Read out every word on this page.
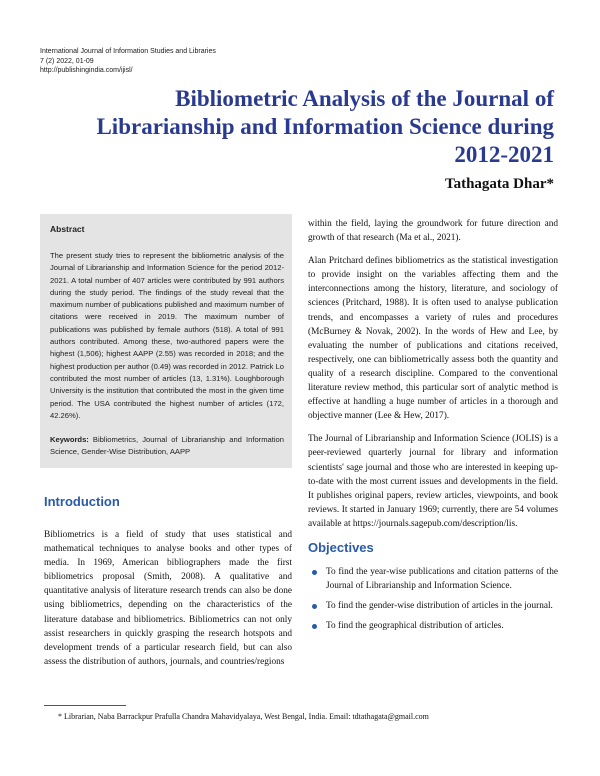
International Journal of Information Studies and Libraries
7 (2) 2022, 01-09
http://publishingindia.com/ijisl/
Bibliometric Analysis of the Journal of Librarianship and Information Science during 2012-2021
Tathagata Dhar*
Abstract

The present study tries to represent the bibliometric analysis of the Journal of Librarianship and Information Science for the period 2012-2021. A total number of 407 articles were contributed by 991 authors during the study period. The findings of the study reveal that the maximum number of publications published and maximum number of citations were received in 2019. The maximum number of publications was published by female authors (518). A total of 991 authors contributed. Among these, two-authored papers were the highest (1,506); highest AAPP (2.55) was recorded in 2018; and the highest production per author (0.49) was recorded in 2012. Patrick Lo contributed the most number of articles (13, 1.31%). Loughborough University is the institution that contributed the most in the given time period. The USA contributed the highest number of articles (172, 42.26%).

Keywords: Bibliometrics, Journal of Librarianship and Information Science, Gender-Wise Distribution, AAPP
Introduction

Bibliometrics is a field of study that uses statistical and mathematical techniques to analyse books and other types of media. In 1969, American bibliographers made the first bibliometrics proposal (Smith, 2008). A qualitative and quantitative analysis of literature research trends can also be done using bibliometrics, depending on the characteristics of the literature database and bibliometrics. Bibliometrics can not only assist researchers in quickly grasping the research hotspots and development trends of a particular research field, but can also assess the distribution of authors, journals, and countries/regions

within the field, laying the groundwork for future direction and growth of that research (Ma et al., 2021).

Alan Pritchard defines bibliometrics as the statistical investigation to provide insight on the variables affecting them and the interconnections among the history, literature, and sociology of sciences (Pritchard, 1988). It is often used to analyse publication trends, and encompasses a variety of rules and procedures (McBurney & Novak, 2002). In the words of Hew and Lee, by evaluating the number of publications and citations received, respectively, one can bibliometrically assess both the quantity and quality of a research discipline. Compared to the conventional literature review method, this particular sort of analytic method is effective at handling a huge number of articles in a thorough and objective manner (Lee & Hew, 2017).

The Journal of Librarianship and Information Science (JOLIS) is a peer-reviewed quarterly journal for library and information scientists' sage journal and those who are interested in keeping up-to-date with the most current issues and developments in the field. It publishes original papers, review articles, viewpoints, and book reviews. It started in January 1969; currently, there are 54 volumes available at https://journals.sagepub.com/description/lis.

Objectives
To find the year-wise publications and citation patterns of the Journal of Librarianship and Information Science.
To find the gender-wise distribution of articles in the journal.
To find the geographical distribution of articles.
* Librarian, Naba Barrackpur Prafulla Chandra Mahavidyalaya, West Bengal, India. Email: tdtathagata@gmail.com
